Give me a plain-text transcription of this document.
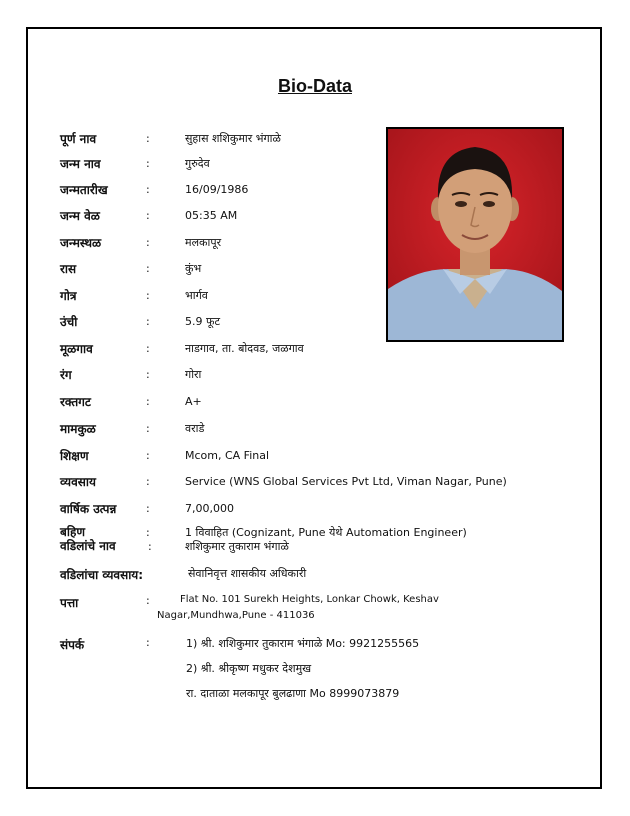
Bio-Data
पूर्ण नाव	:	सुहास शशिकुमार भंगाळे
जन्म नाव	:	गुरुदेव
जन्मतारीख	:	16/09/1986
जन्म वेळ	:	05:35 AM
जन्मस्थळ	:	मलकापूर
रास	:	कुंभ
गोत्र	:	भार्गव
उंची	:	5.9 फूट
मूळगाव	:	नाडगाव, ता. बोदवड, जळगाव
रंग	:	गोरा
रक्तगट	:	A+
मामकुळ	:	वराडे
शिक्षण	:	Mcom, CA Final
व्यवसाय	:	Service (WNS Global Services Pvt Ltd, Viman Nagar, Pune)
वार्षिक उत्पन्न	:	7,00,000
बहिण	:	1 विवाहित (Cognizant, Pune येथे Automation Engineer)
वडिलांचे नाव	:	शशिकुमार तुकाराम भंगाळे
वडिलांचा व्यवसाय:	सेवानिवृत्त शासकीय अधिकारी
पत्ता	:	Flat No. 101 Surekh Heights, Lonkar Chowk, Keshav
Nagar,Mundhwa,Pune - 411036
संपर्क	:	1) श्री. शशिकुमार तुकाराम भंगाळे Mo: 9921255565
2) श्री. श्रीकृष्ण मधुकर देशमुख
रा. दाताळा मलकापूर बुलढाणा Mo 8999073879
